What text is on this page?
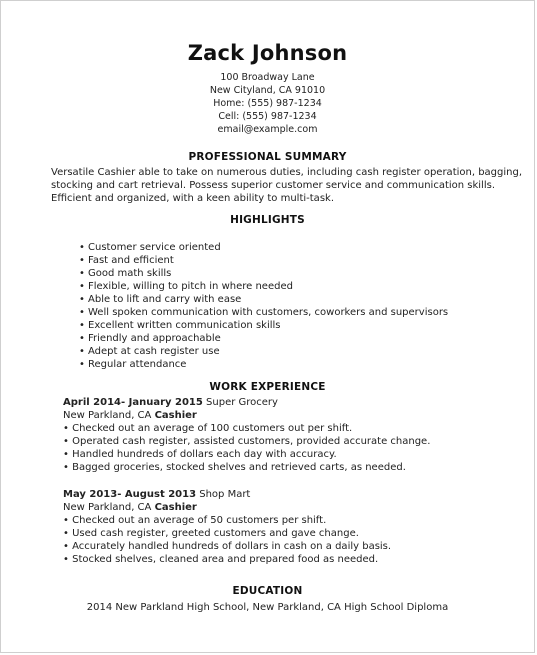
Zack Johnson
100 Broadway Lane
New Cityland, CA 91010
Home: (555) 987-1234
Cell: (555) 987-1234
email@example.com
PROFESSIONAL SUMMARY
Versatile Cashier able to take on numerous duties, including cash register operation, bagging, stocking and cart retrieval. Possess superior customer service and communication skills. Efficient and organized, with a keen ability to multi-task.
HIGHLIGHTS
• Customer service oriented
• Fast and efficient
• Good math skills
• Flexible, willing to pitch in where needed
• Able to lift and carry with ease
• Well spoken communication with customers, coworkers and supervisors
• Excellent written communication skills
• Friendly and approachable
• Adept at cash register use
• Regular attendance
WORK EXPERIENCE
April 2014- January 2015 Super Grocery
New Parkland, CA Cashier
• Checked out an average of 100 customers out per shift.
• Operated cash register, assisted customers, provided accurate change.
• Handled hundreds of dollars each day with accuracy.
• Bagged groceries, stocked shelves and retrieved carts, as needed.
May 2013- August 2013 Shop Mart
New Parkland, CA Cashier
• Checked out an average of 50 customers per shift.
• Used cash register, greeted customers and gave change.
• Accurately handled hundreds of dollars in cash on a daily basis.
• Stocked shelves, cleaned area and prepared food as needed.
EDUCATION
2014 New Parkland High School, New Parkland, CA High School Diploma
